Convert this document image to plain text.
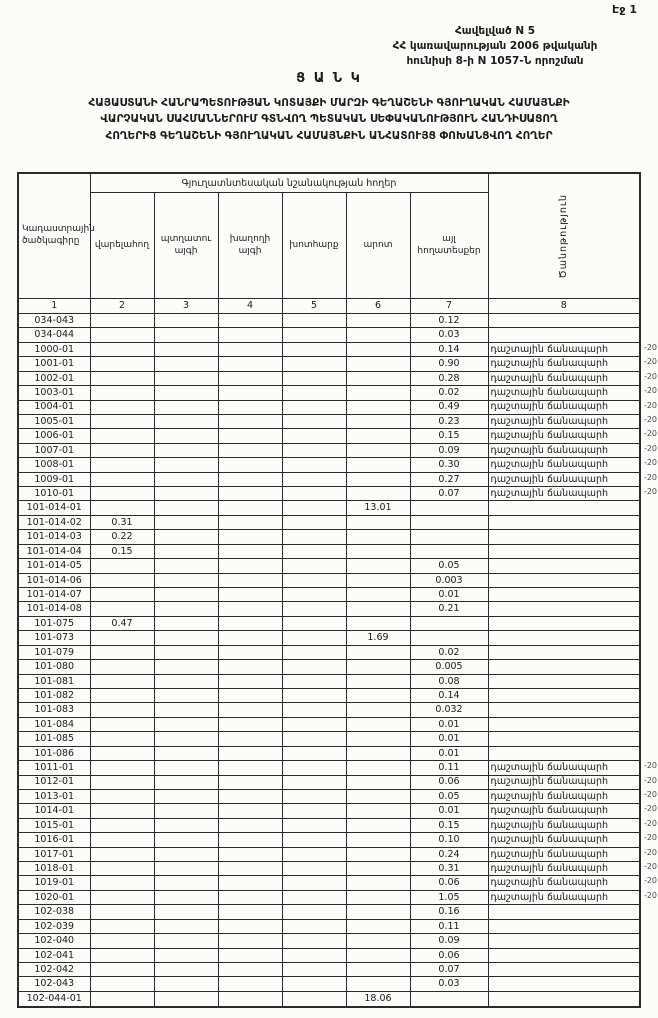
Էջ 1
Հավելված N 5
ՀՀ կառավարության 2006 թվականի
հունիսի 8-ի N 1057-Ն որոշման
Ց Ա Ն Կ
ՀԱՅԱՍՏԱՆԻ ՀԱՆՐԱՊԵՏՈՒԹՅԱՆ ԿՈՏԱՅՔԻ ՄԱՐԶԻ ԳԵՂԱՇԵՆԻ ԳՅՈՒՂԱԿԱՆ ՀԱՄԱՅՆՔԻ
ՎԱՐՉԱԿԱՆ ՍԱՀՄԱՆՆԵՐՈՒՄ ԳՏՆՎՈՂ ՊԵՏԱԿԱՆ ՍԵՓԱԿԱՆՈՒԹՅՈՒՆ ՀԱՆԴԻՍԱՑՈՂ
ՀՈՂԵՐԻՑ ԳԵՂԱՇԵՆԻ ԳՅՈՒՂԱԿԱՆ ՀԱՄԱՅՆՔԻՆ ԱՆՀԱՏՈՒՅՑ ՓՈԽԱՆՑՎՈՂ ՀՈՂԵՐ
Կադաստրային ծածկագիրը	Գյուղատնտեսական նշանակության հողեր						Ծանոթություն

	վարելահող	պտղատու այգի	խաղողի այգի	խոտհարք	արոտ	այլ հողատեսքեր	
1	2	3	4	5	6	7	8
034-043						0.12	
034-044						0.03	
1000-01						0.14	դաշտային ճանապարհ -20

1001-01						0.90	դաշտային ճանապարհ -20

1002-01						0.28	դաշտային ճանապարհ -20

1003-01						0.02	դաշտային ճանապարհ -20

1004-01						0.49	դաշտային ճանապարհ -20

1005-01						0.23	դաշտային ճանապարհ -20

1006-01						0.15	դաշտային ճանապարհ -20

1007-01						0.09	դաշտային ճանապարհ -20

1008-01						0.30	դաշտային ճանապարհ -20

1009-01						0.27	դաշտային ճանապարհ -20

1010-01						0.07	դաշտային ճանապարհ -20

101-014-01					13.01		
101-014-02	0.31						
101-014-03	0.22						
101-014-04	0.15						
101-014-05						0.05	
101-014-06						0.003	
101-014-07						0.01	
101-014-08						0.21	
101-075	0.47						
101-073					1.69		
101-079						0.02	
101-080						0.005	
101-081						0.08	
101-082						0.14	
101-083						0.032	
101-084						0.01	
101-085						0.01	
101-086						0.01	
1011-01						0.11	դաշտային ճանապարհ -20

1012-01						0.06	դաշտային ճանապարհ -20

1013-01						0.05	դաշտային ճանապարհ -20

1014-01						0.01	դաշտային ճանապարհ -20

1015-01						0.15	դաշտային ճանապարհ -20

1016-01						0.10	դաշտային ճանապարհ -20

1017-01						0.24	դաշտային ճանապարհ -20

1018-01						0.31	դաշտային ճանապարհ -20

1019-01						0.06	դաշտային ճանապարհ -20

1020-01						1.05	դաշտային ճանապարհ -20

102-038						0.16	
102-039						0.11	
102-040						0.09	
102-041						0.06	
102-042						0.07	
102-043						0.03	
102-044-01					18.06		
